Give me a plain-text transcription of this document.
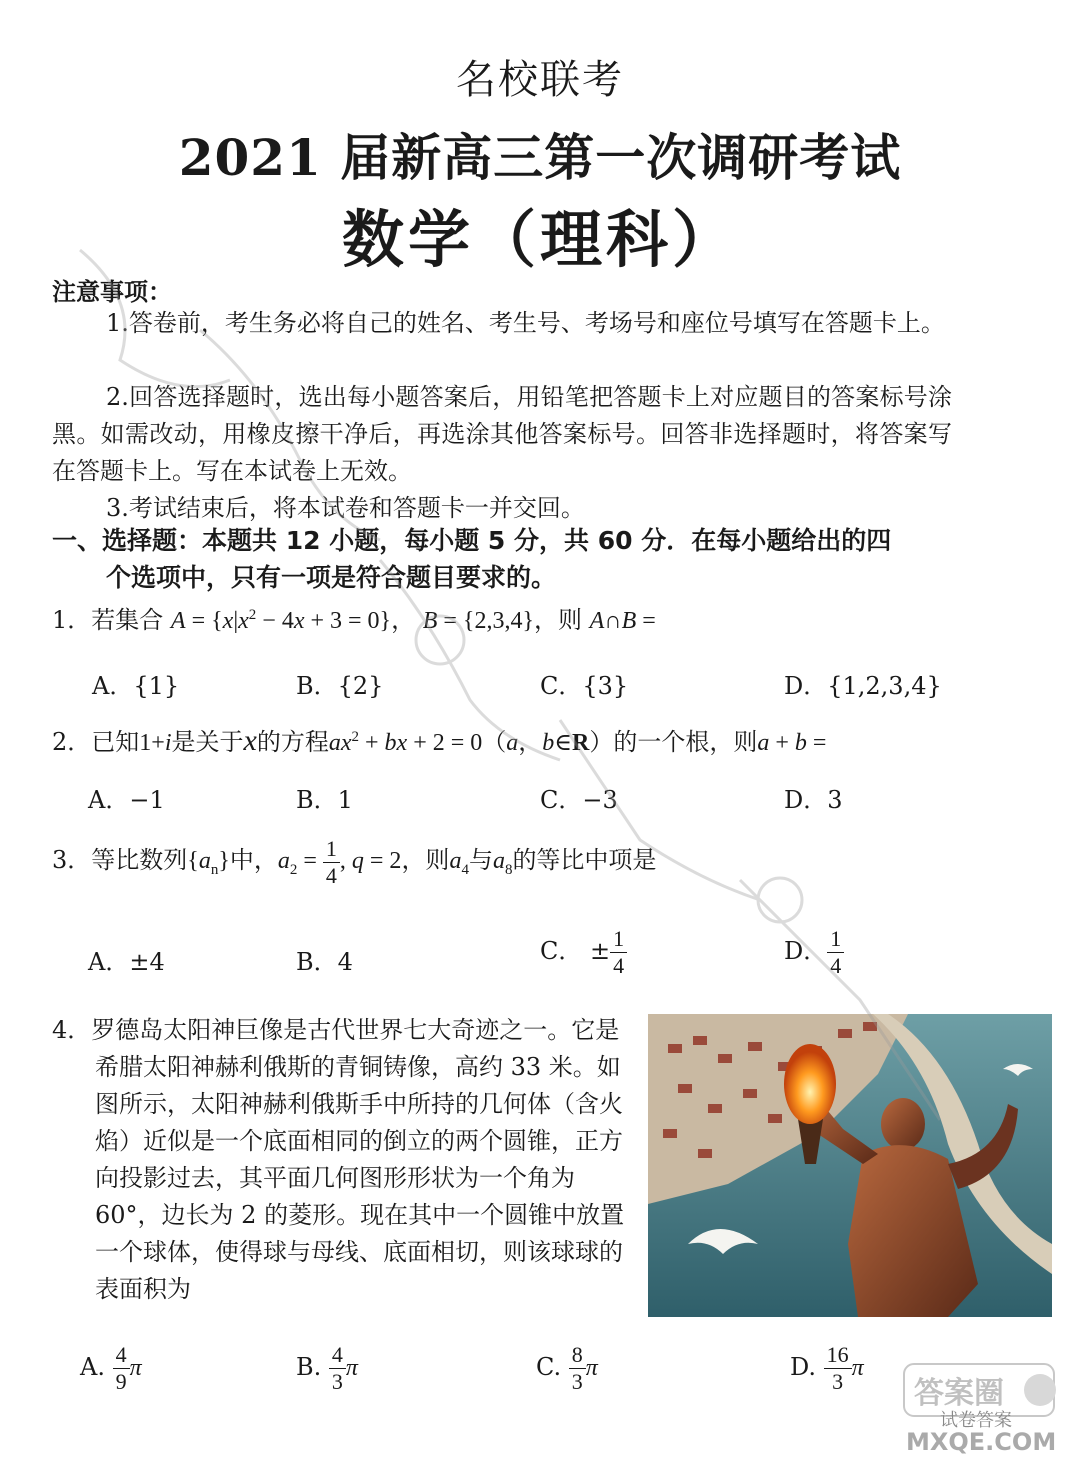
名校联考
2021 届新高三第一次调研考试
数学（理科）
注意事项：
1.答卷前，考生务必将自己的姓名、考生号、考场号和座位号填写在答题卡上。
2.回答选择题时，选出每小题答案后，用铅笔把答题卡上对应题目的答案标号涂黑。如需改动，用橡皮擦干净后，再选涂其他答案标号。回答非选择题时，将答案写在答题卡上。写在本试卷上无效。
3.考试结束后，将本试卷和答题卡一并交回。
一、选择题：本题共 12 小题，每小题 5 分，共 60 分．在每小题给出的四
个选项中，只有一项是符合题目要求的。
1．若集合 $A = \{x|x^2 - 4x + 3 = 0\}$， B = {2,3,4}，则 A∩B =
A．{1}	B．{2}	C．{3}	D．{1,2,3,4}
2．已知1+i是关于x的方程$ax^2$ + bx + 2 = 0（a，b∈R）的一个根，则a + b =
A．−1	B．1	C．−3	D．3
3．等比数列$\{a_n\}$中，$a_2 = \frac{1}{4}$ , q = 2，则$a_4$与$a_8$的等比中项是
A．±4	B．4	C． ± $\frac{1}{4}$	D． $\frac{1}{4}$
4．罗德岛太阳神巨像是古代世界七大奇迹之一。它是希腊太阳神赫利俄斯的青铜铸像，高约 33 米。如图所示，太阳神赫利俄斯手中所持的几何体（含火焰）近似是一个底面相同的倒立的两个圆锥，正方向投影过去，其平面几何图形形状为一个角为 60°，边长为 2 的菱形。现在其中一个圆锥中放置一个球体，使得球与母线、底面相切，则该球球的表面积为
A. $\frac{4}{9}$ π	B. $\frac{4}{3}$ π	C. $\frac{8}{3}$ π	D. $\frac{16}{3}$ π
答案圈
试卷答案
MXQE.COM
